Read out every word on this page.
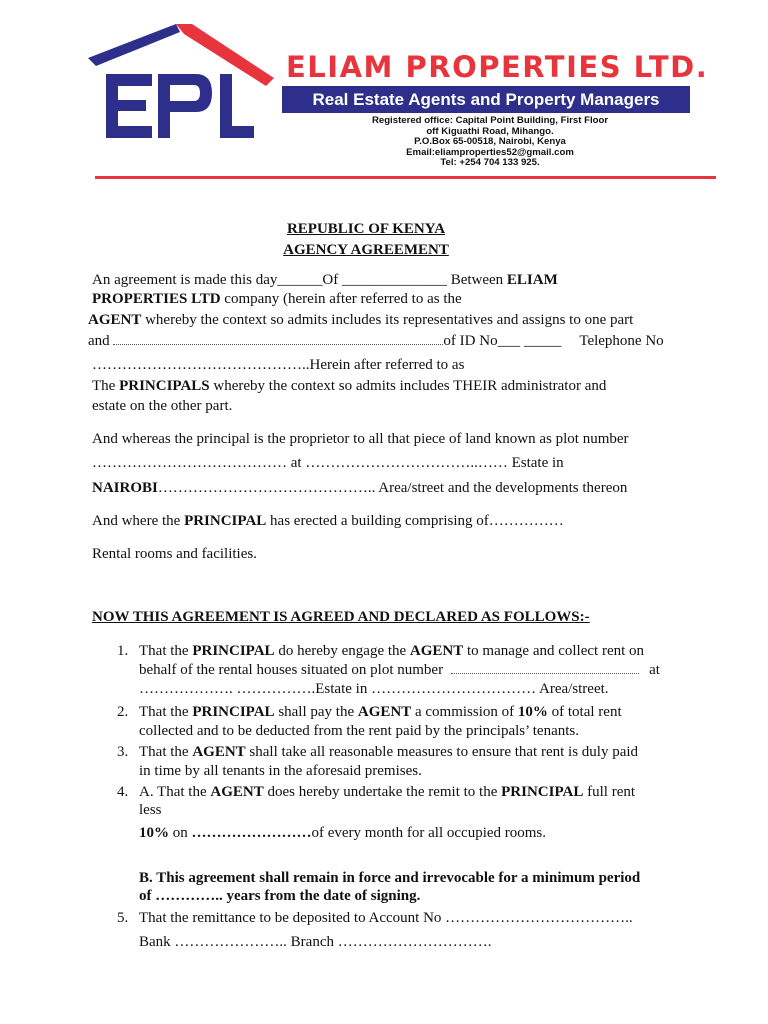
ELIAM PROPERTIES LTD.
Real Estate Agents and Property Managers
Registered office: Capital Point Building, First Floor
off Kiguathi Road, Mihango.
P.O.Box 65-00518, Nairobi, Kenya
Email:eliamproperties52@gmail.com
Tel: +254 704 133 925.
REPUBLIC OF KENYA
AGENCY AGREEMENT
An agreement is made this day______Of ______________ Between ELIAM
PROPERTIES LTD company (herein after referred to as the
AGENT whereby the context so admits includes its representatives and assigns to one part
and	of ID No___ _____ Telephone No
……………………………………..Herein after referred to as
The PRINCIPALS whereby the context so admits includes THEIR administrator and
estate on the other part.
And whereas the principal is the proprietor to all that piece of land known as plot number
………………………………… at ……………………………..…… Estate in
NAIROBI…………………………………….. Area/street and the developments thereon
And where the PRINCIPAL has erected a building comprising of……………
Rental rooms and facilities.
NOW THIS AGREEMENT IS AGREED AND DECLARED AS FOLLOWS:-
1. That the PRINCIPAL do hereby engage the AGENT to manage and collect rent on
behalf of the rental houses situated on plot number	at
………………. …………….Estate in …………………………… Area/street.
2. That the PRINCIPAL shall pay the AGENT a commission of 10% of total rent
collected and to be deducted from the rent paid by the principals’ tenants.
3. That the AGENT shall take all reasonable measures to ensure that rent is duly paid
in time by all tenants in the aforesaid premises.
4. A. That the AGENT does hereby undertake the remit to the PRINCIPAL full rent
less
10% on ……………………of every month for all occupied rooms.
B. This agreement shall remain in force and irrevocable for a minimum period
of ………….. years from the date of signing.
5. That the remittance to be deposited to Account No ………………………………..
Bank ………………….. Branch ………………………….
